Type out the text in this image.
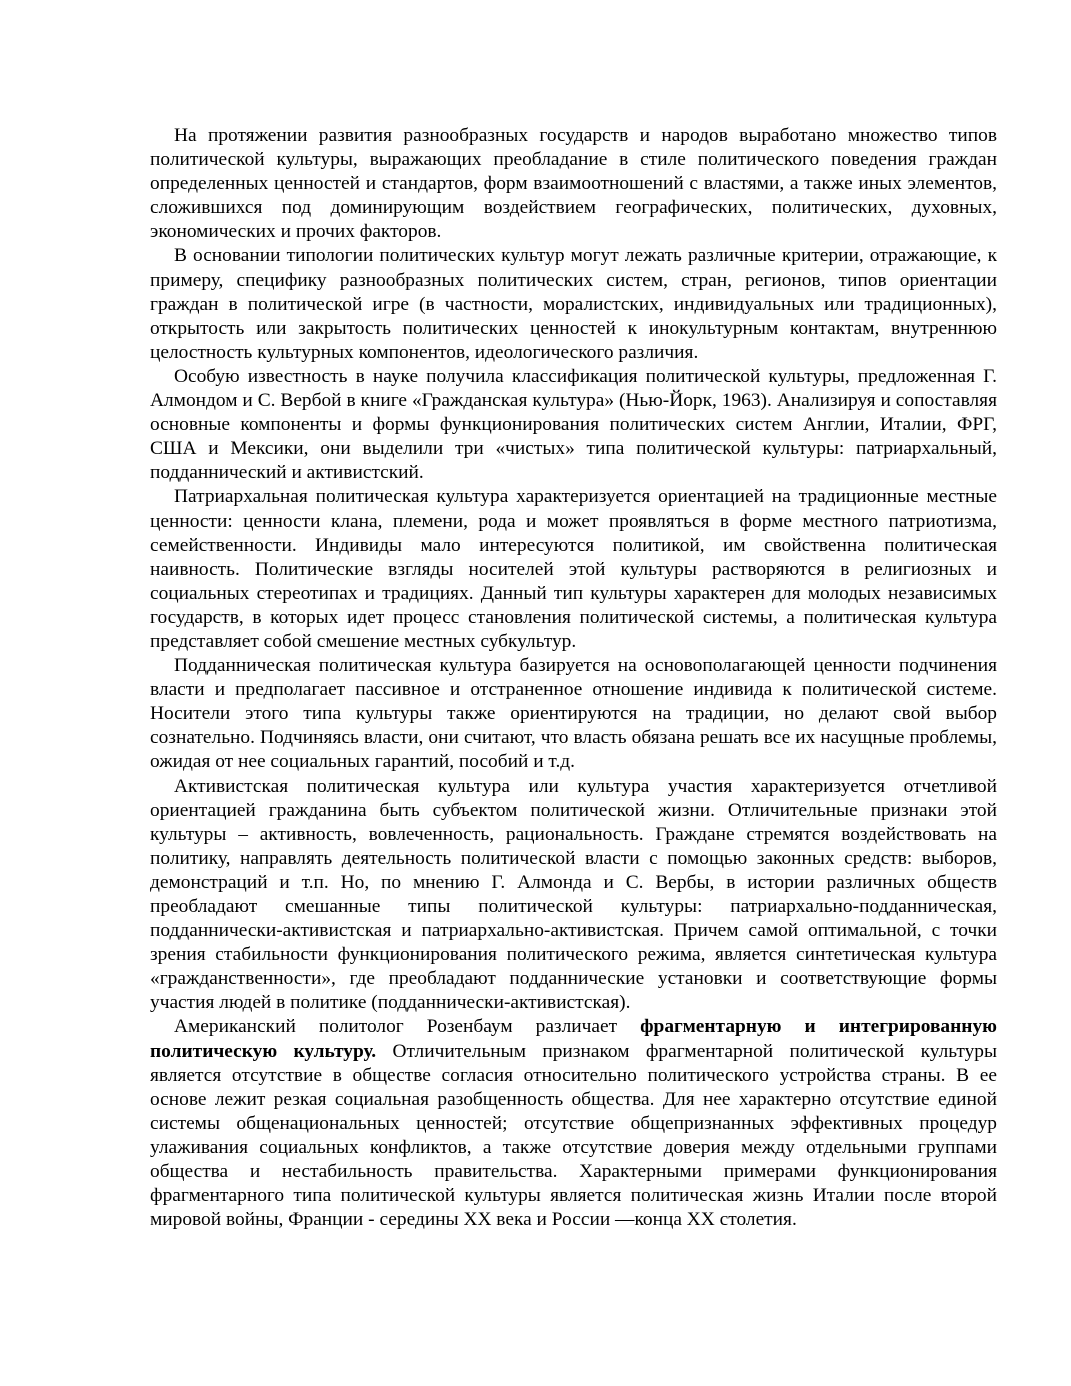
На протяжении развития разнообразных государств и народов выработано множество типов политической культуры, выражающих преобладание в стиле политического поведения граждан определенных ценностей и стандартов, форм взаимоотношений с властями, а также иных элементов, сложившихся под доминирующим воздействием географических, политических, духовных, экономических и прочих факторов.

В основании типологии политических культур могут лежать различные критерии, отражающие, к примеру, специфику разнообразных политических систем, стран, регионов, типов ориентации граждан в политической игре (в частности, моралистских, индивидуальных или традиционных), открытость или закрытость политических ценностей к инокультурным контактам, внутреннюю целостность культурных компонентов, идеологического различия.

Особую известность в науке получила классификация политической культуры, предложенная Г. Алмондом и С. Вербой в книге «Гражданская культура» (Нью-Йорк, 1963). Анализируя и сопоставляя основные компоненты и формы функционирования политических систем Англии, Италии, ФРГ, США и Мексики, они выделили три «чистых» типа политической культуры: патриархальный, подданнический и активистский.

Патриархальная политическая культура характеризуется ориентацией на традиционные местные ценности: ценности клана, племени, рода и может проявляться в форме местного патриотизма, семейственности. Индивиды мало интересуются политикой, им свойственна политическая наивность. Политические взгляды носителей этой культуры растворяются в религиозных и социальных стереотипах и традициях. Данный тип культуры характерен для молодых независимых государств, в которых идет процесс становления политической системы, а политическая культура представляет собой смешение местных субкультур.

Подданническая политическая культура базируется на основополагающей ценности подчинения власти и предполагает пассивное и отстраненное отношение индивида к политической системе. Носители этого типа культуры также ориентируются на традиции, но делают свой выбор сознательно. Подчиняясь власти, они считают, что власть обязана решать все их насущные проблемы, ожидая от нее социальных гарантий, пособий и т.д.

Активистская политическая культура или культура участия характеризуется отчетливой ориентацией гражданина быть субъектом политической жизни. Отличительные признаки этой культуры – активность, вовлеченность, рациональность. Граждане стремятся воздействовать на политику, направлять деятельность политической власти с помощью законных средств: выборов, демонстраций и т.п. Но, по мнению Г. Алмонда и С. Вербы, в истории различных обществ преобладают смешанные типы политической культуры: патриархально-подданническая, подданнически-активистская и патриархально-активистская. Причем самой оптимальной, с точки зрения стабильности функционирования политического режима, является синтетическая культура «гражданственности», где преобладают подданнические установки и соответствующие формы участия людей в политике (подданнически-активистская).

Американский политолог Розенбаум различает фрагментарную и интегрированную политическую культуру. Отличительным признаком фрагментарной политической культуры является отсутствие в обществе согласия относительно политического устройства страны. В ее основе лежит резкая социальная разобщенность общества. Для нее характерно отсутствие единой системы общенациональных ценностей; отсутствие общепризнанных эффективных процедур улаживания социальных конфликтов, а также отсутствие доверия между отдельными группами общества и нестабильность правительства. Характерными примерами функционирования фрагментарного типа политической культуры является политическая жизнь Италии после второй мировой войны, Франции - середины XX века и России —конца XX столетия.
